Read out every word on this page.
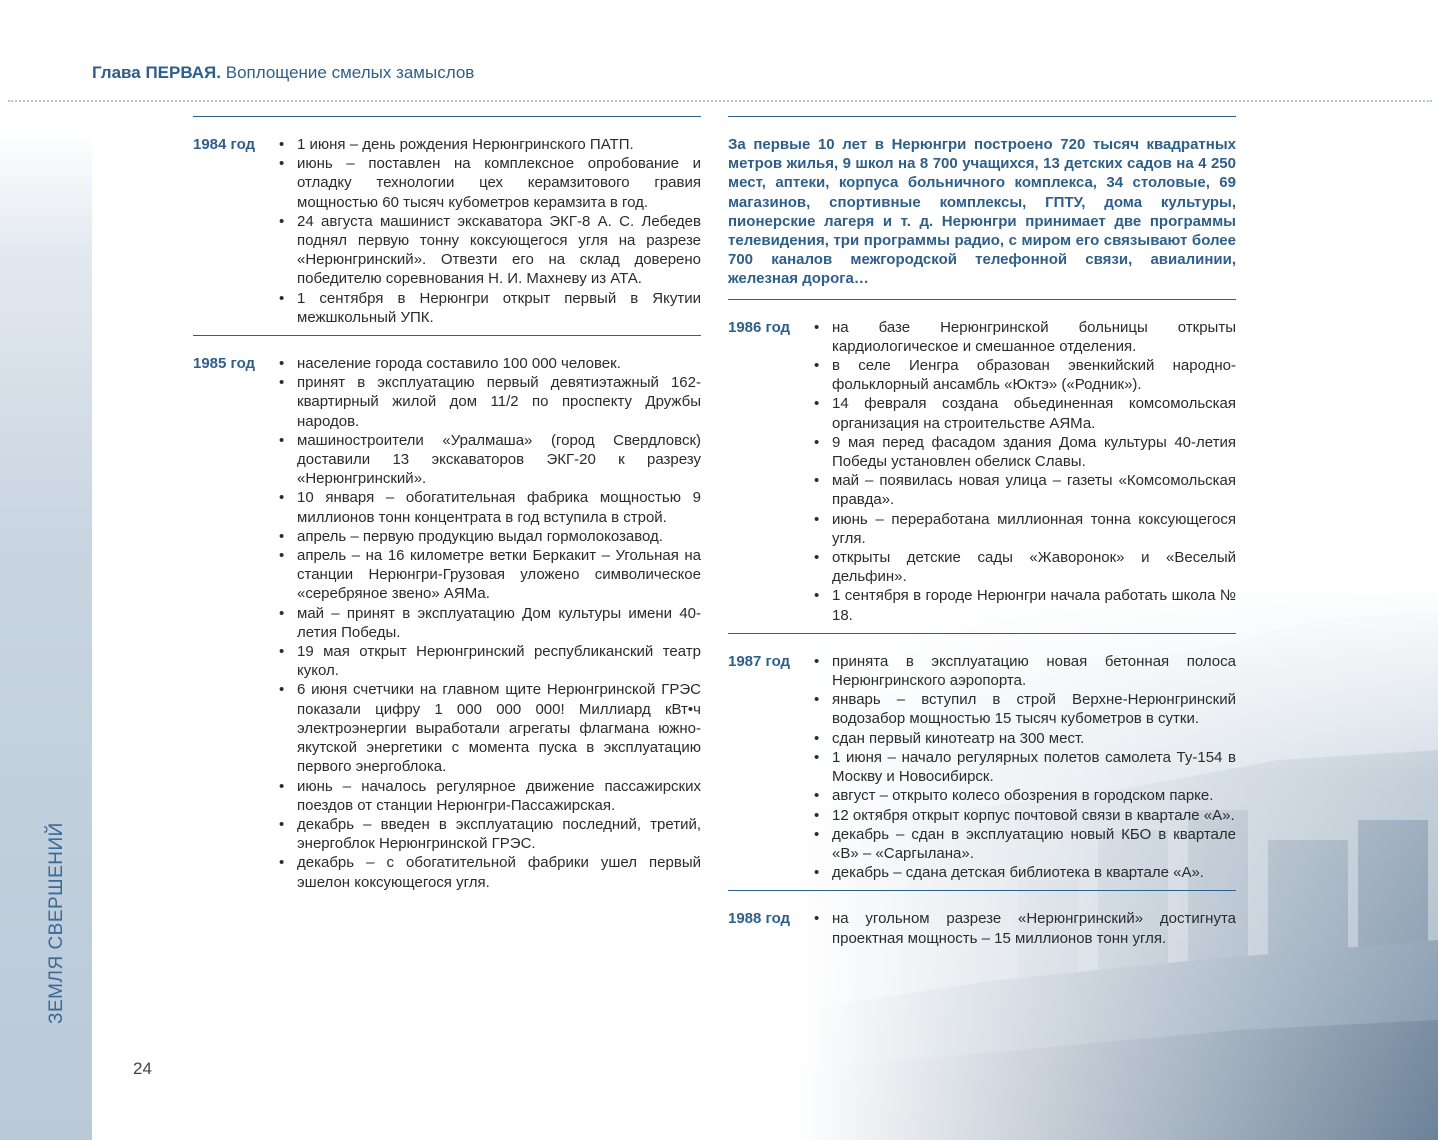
ЗЕМЛЯ СВЕРШЕНИЙ
24
Глава ПЕРВАЯ. Воплощение смелых замыслов
1984 год	• 1 июня – день рождения Нерюнгринского ПАТП.
• июнь – поставлен на комплексное опробование и отладку технологии цех керамзитового гравия мощностью 60 тысяч кубометров керамзита в год.
• 24 августа машинист экскаватора ЭКГ-8 А. С. Лебедев поднял первую тонну коксующегося угля на разрезе «Нерюнгринский». Отвезти его на склад доверено победителю соревнования Н. И. Махневу из АТА.
• 1 сентября в Нерюнгри открыт первый в Якутии межшкольный УПК.
1985 год	• население города составило 100 000 человек.
• принят в эксплуатацию первый девятиэтажный 162-квартирный жилой дом 11/2 по проспекту Дружбы народов.
• машиностроители «Уралмаша» (город Свердловск) доставили 13 экскаваторов ЭКГ-20 к разрезу «Нерюнгринский».
• 10 января – обогатительная фабрика мощностью 9 миллионов тонн концентрата в год вступила в строй.
• апрель – первую продукцию выдал гормолокозавод.
• апрель – на 16 километре ветки Беркакит – Угольная на станции Нерюнгри-Грузовая уложено символическое «серебряное звено» АЯМа.
• май – принят в эксплуатацию Дом культуры имени 40-летия Победы.
• 19 мая открыт Нерюнгринский республиканский театр кукол.
• 6 июня счетчики на главном щите Нерюнгринской ГРЭС показали цифру 1 000 000 000! Миллиард кВт•ч электроэнергии выработали агрегаты флагмана южно-якутской энергетики с момента пуска в эксплуатацию первого энергоблока.
• июнь – началось регулярное движение пассажирских поездов от станции Нерюнгри-Пассажирская.
• декабрь – введен в эксплуатацию последний, третий, энергоблок Нерюнгринской ГРЭС.
• декабрь – с обогатительной фабрики ушел первый эшелон коксующегося угля.
За первые 10 лет в Нерюнгри построено 720 тысяч квадратных метров жилья, 9 школ на 8 700 учащихся, 13 детских садов на 4 250 мест, аптеки, корпуса больничного комплекса, 34 столовые, 69 магазинов, спортивные комплексы, ГПТУ, дома культуры, пионерские лагеря и т. д. Нерюнгри принимает две программы телевидения, три программы радио, с миром его связывают более 700 каналов межгородской телефонной связи, авиалинии, железная дорога…
1986 год	• на базе Нерюнгринской больницы открыты кардиологическое и смешанное отделения.
• в селе Иенгра образован эвенкийский народно-фольклорный ансамбль «Юктэ» («Родник»).
• 14 февраля создана обьединенная комсомольская организация на строительстве АЯМа.
• 9 мая перед фасадом здания Дома культуры 40-летия Победы установлен обелиск Славы.
• май – появилась новая улица – газеты «Комсомольская правда».
• июнь – переработана миллионная тонна коксующегося угля.
• открыты детские сады «Жаворонок» и «Веселый дельфин».
• 1 сентября в городе Нерюнгри начала работать школа № 18.
1987 год	• принята в эксплуатацию новая бетонная полоса Нерюнгринского аэропорта.
• январь – вступил в строй Верхне-Нерюнгринский водозабор мощностью 15 тысяч кубометров в сутки.
• сдан первый кинотеатр на 300 мест.
• 1 июня – начало регулярных полетов самолета Ту-154 в Москву и Новосибирск.
• август – открыто колесо обозрения в городском парке.
• 12 октября открыт корпус почтовой связи в квартале «А».
• декабрь – сдан в эксплуатацию новый КБО в квартале «В» – «Саргылана».
• декабрь – сдана детская библиотека в квартале «А».
1988 год	• на угольном разрезе «Нерюнгринский» достигнута проектная мощность – 15 миллионов тонн угля.
